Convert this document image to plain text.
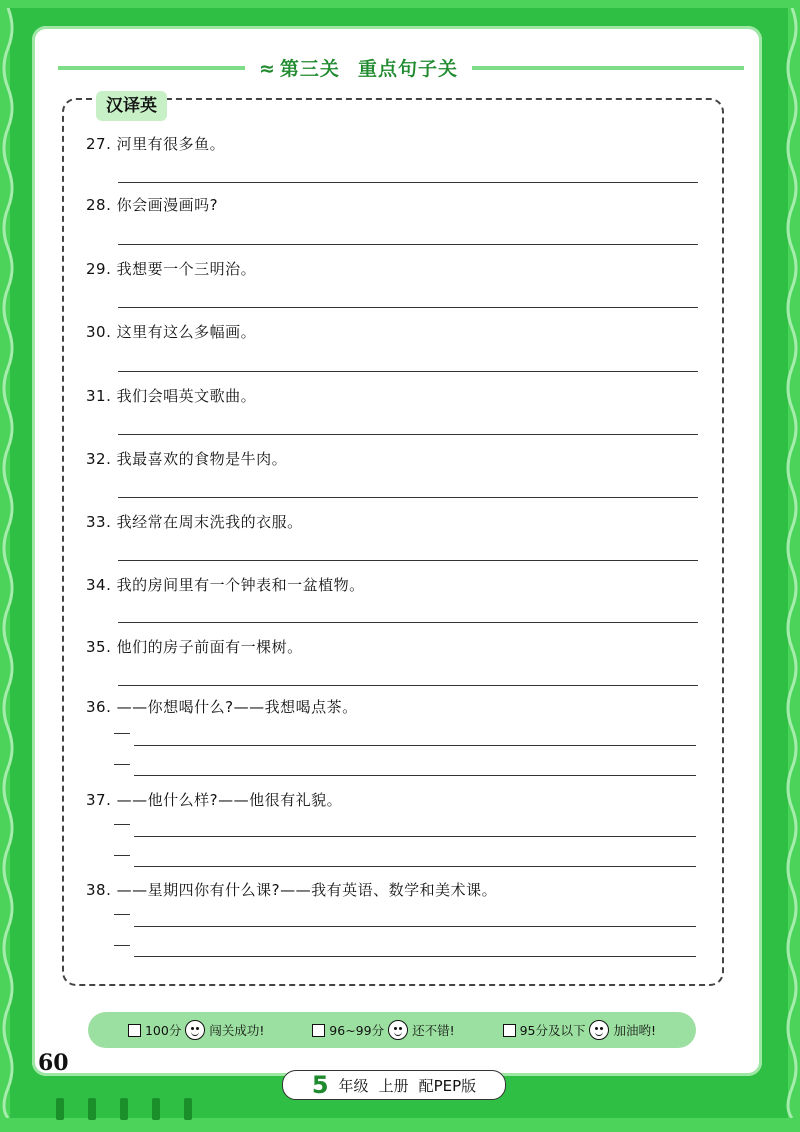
⌄
⌄
⌄
⌄
≈ 第三关 重点句子关
汉译英
27. 河里有很多鱼。
28. 你会画漫画吗?
29. 我想要一个三明治。
30. 这里有这么多幅画。
31. 我们会唱英文歌曲。
32. 我最喜欢的食物是牛肉。
33. 我经常在周末洗我的衣服。
34. 我的房间里有一个钟表和一盆植物。
35. 他们的房子前面有一棵树。
36. ——你想喝什么?——我想喝点茶。
37. ——他什么样?——他很有礼貌。
38. ——星期四你有什么课?——我有英语、数学和美术课。
100分 闯关成功!	96~99分 还不错!	95分及以下 加油哟!
60
5 年级 上册 配PEP版
